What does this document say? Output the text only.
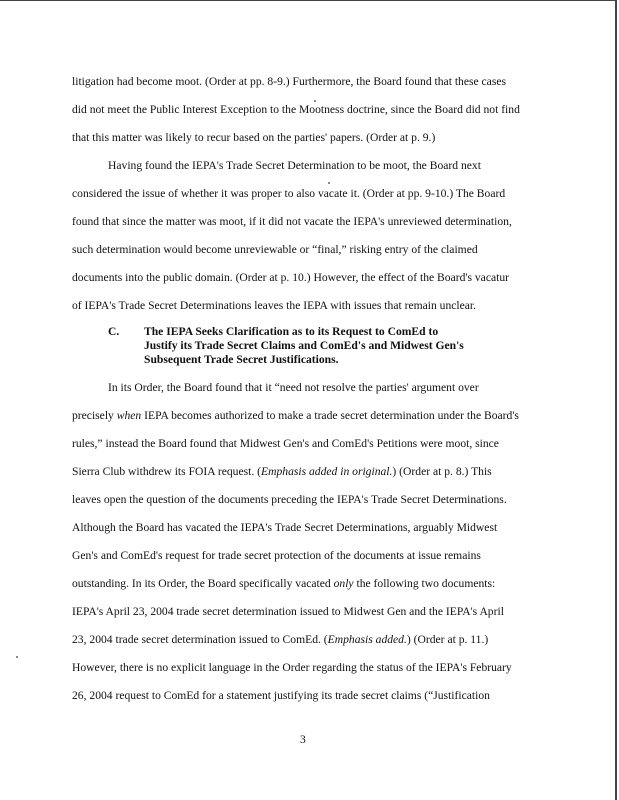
litigation had become moot. (Order at pp. 8-9.) Furthermore, the Board found that these cases
did not meet the Public Interest Exception to the Mootness doctrine, since the Board did not find
that this matter was likely to recur based on the parties' papers. (Order at p. 9.)
Having found the IEPA's Trade Secret Determination to be moot, the Board next
considered the issue of whether it was proper to also vacate it. (Order at pp. 9-10.) The Board
found that since the matter was moot, if it did not vacate the IEPA's unreviewed determination,
such determination would become unreviewable or “final,” risking entry of the claimed
documents into the public domain. (Order at p. 10.) However, the effect of the Board's vacatur
of IEPA's Trade Secret Determinations leaves the IEPA with issues that remain unclear.
C. The IEPA Seeks Clarification as to its Request to ComEd to
Justify its Trade Secret Claims and ComEd's and Midwest Gen's
Subsequent Trade Secret Justifications.
In its Order, the Board found that it “need not resolve the parties' argument over
precisely when IEPA becomes authorized to make a trade secret determination under the Board's
rules,” instead the Board found that Midwest Gen's and ComEd's Petitions were moot, since
Sierra Club withdrew its FOIA request. (Emphasis added in original.) (Order at p. 8.) This
leaves open the question of the documents preceding the IEPA's Trade Secret Determinations.
Although the Board has vacated the IEPA's Trade Secret Determinations, arguably Midwest
Gen's and ComEd's request for trade secret protection of the documents at issue remains
outstanding. In its Order, the Board specifically vacated only the following two documents:
IEPA's April 23, 2004 trade secret determination issued to Midwest Gen and the IEPA's April
23, 2004 trade secret determination issued to ComEd. (Emphasis added.) (Order at p. 11.)
However, there is no explicit language in the Order regarding the status of the IEPA's February
26, 2004 request to ComEd for a statement justifying its trade secret claims (“Justification
3
